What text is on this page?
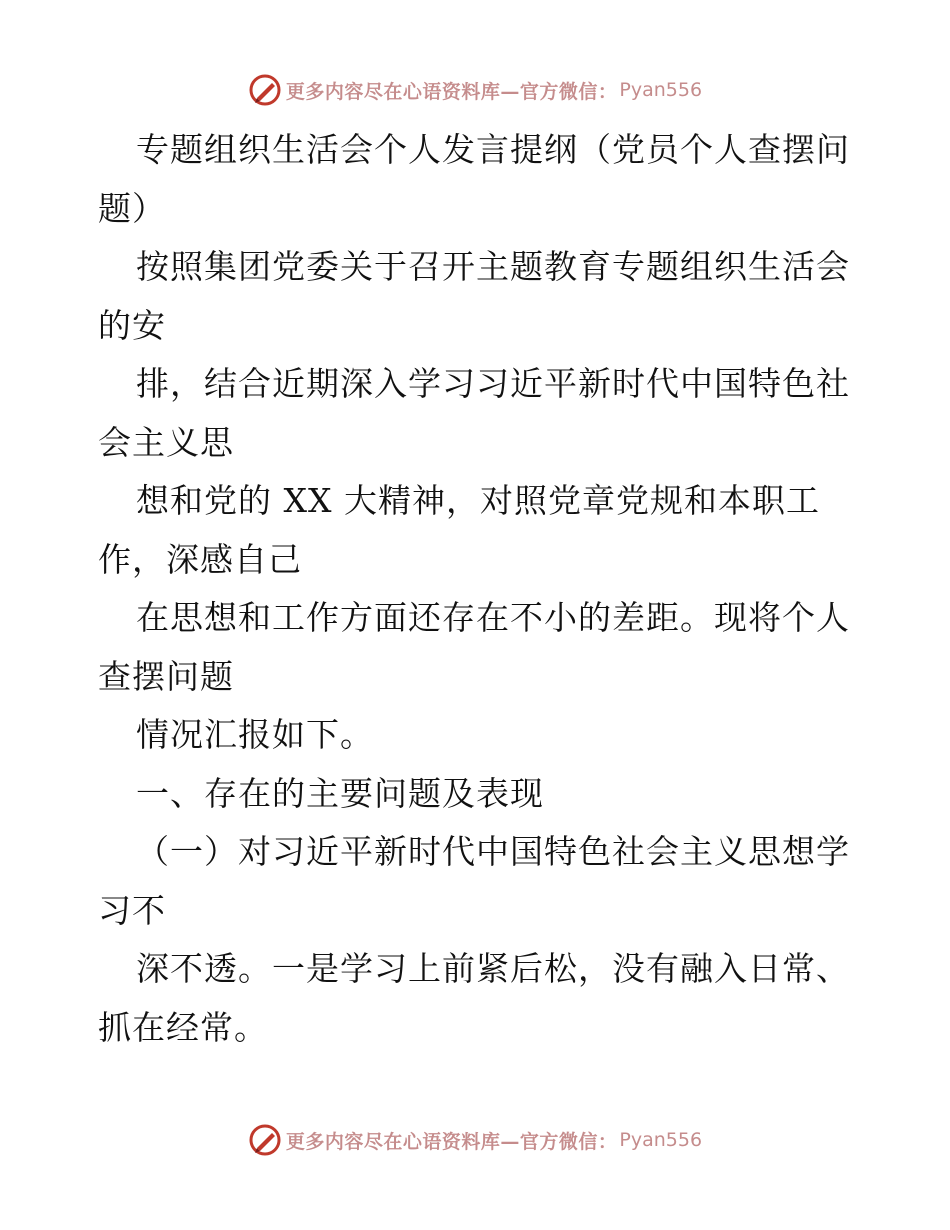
更多内容尽在心语资料库—官方微信： Pyan556
专题组织生活会个人发言提纲（党员个人查摆问
题）
按照集团党委关于召开主题教育专题组织生活会
的安
排，结合近期深入学习习近平新时代中国特色社
会主义思
想和党的 XX 大精神，对照党章党规和本职工
作，深感自己
在思想和工作方面还存在不小的差距。现将个人
查摆问题
情况汇报如下。
一、存在的主要问题及表现
（一）对习近平新时代中国特色社会主义思想学
习不
深不透。一是学习上前紧后松，没有融入日常、
抓在经常。
更多内容尽在心语资料库—官方微信： Pyan556
